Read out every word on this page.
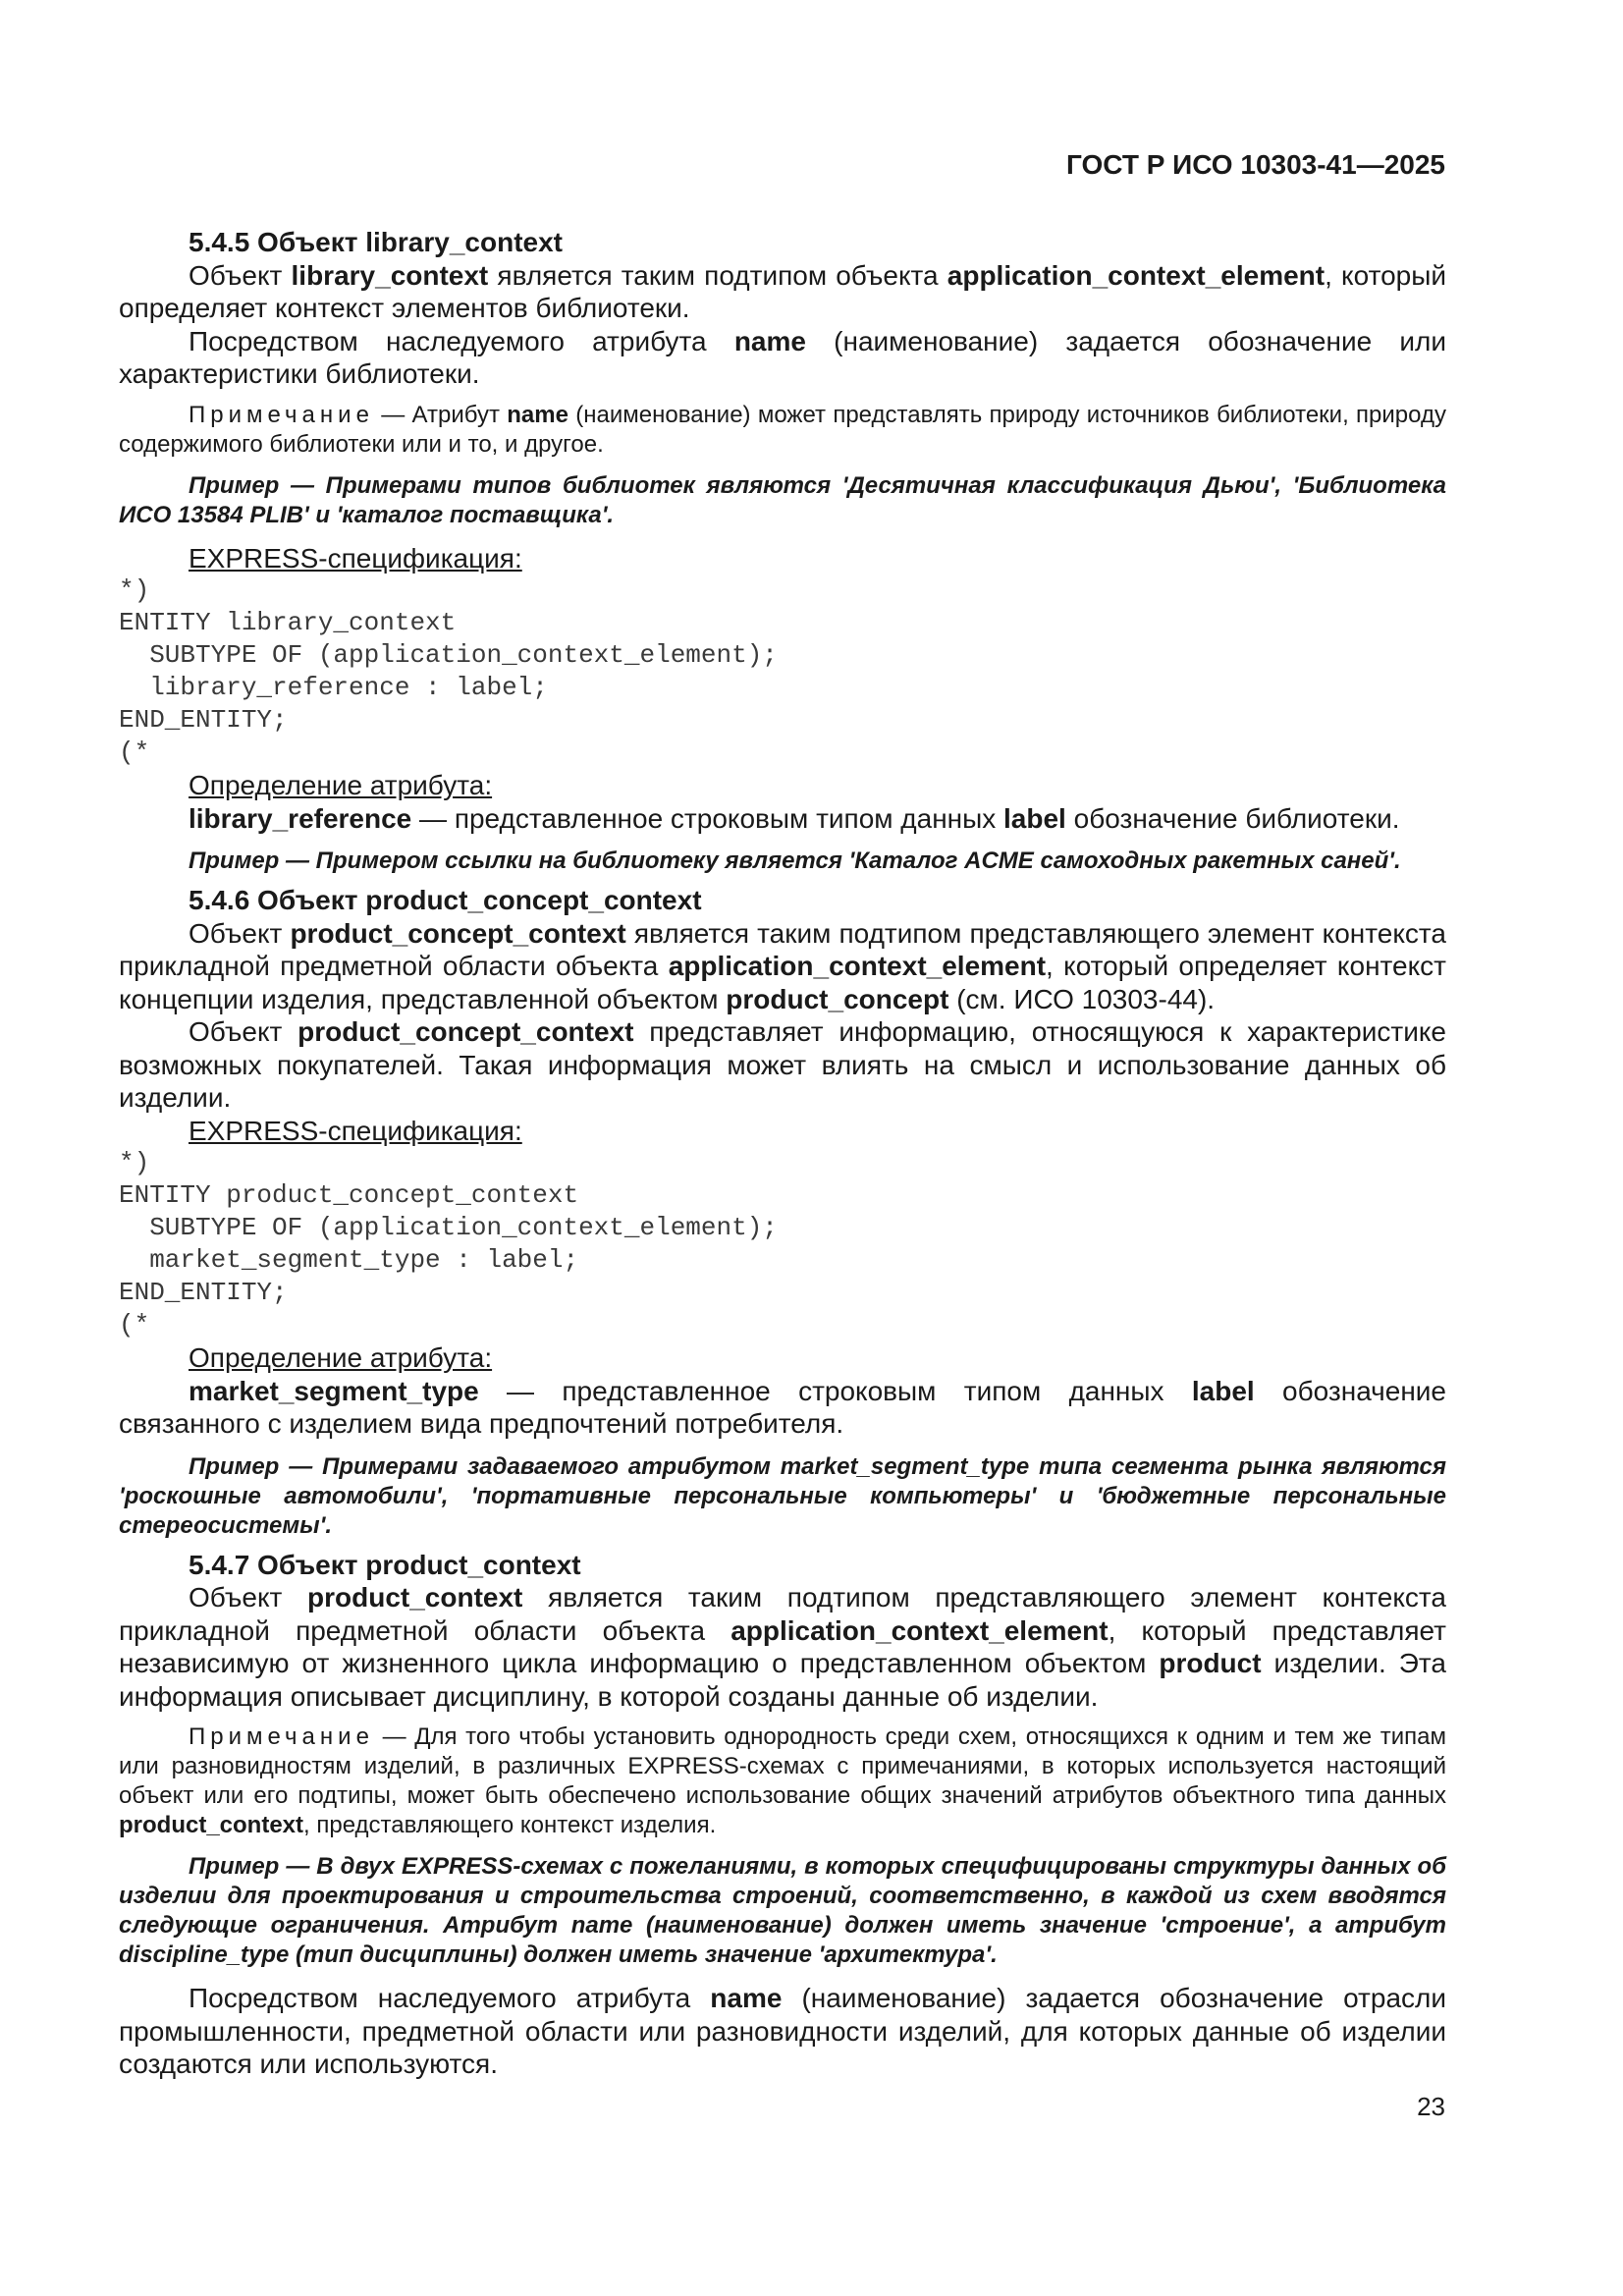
ГОСТ Р ИСО 10303-41—2025

5.4.5 Объект library_context

Объект library_context является таким подтипом объекта application_context_element, который определяет контекст элементов библиотеки.

Посредством наследуемого атрибута name (наименование) задается обозначение или характеристики библиотеки.

Примечание — Атрибут name (наименование) может представлять природу источников библиотеки, природу содержимого библиотеки или и то, и другое.

Пример — Примерами типов библиотек являются 'Десятичная классификация Дьюи', 'Библиотека ИСО 13584 PLIB' и 'каталог поставщика'.

EXPRESS-спецификация:

*)
ENTITY library_context
SUBTYPE OF (application_context_element);
library_reference : label;
END_ENTITY;
(*

Определение атрибута:

library_reference — представленное строковым типом данных label обозначение библиотеки.

Пример — Примером ссылки на библиотеку является 'Каталог ACME самоходных ракетных саней'.

5.4.6 Объект product_concept_context

Объект product_concept_context является таким подтипом представляющего элемент контекста прикладной предметной области объекта application_context_element, который определяет контекст концепции изделия, представленной объектом product_concept (см. ИСО 10303-44).

Объект product_concept_context представляет информацию, относящуюся к характеристике возможных покупателей. Такая информация может влиять на смысл и использование данных об изделии.

EXPRESS-спецификация:

*)
ENTITY product_concept_context
SUBTYPE OF (application_context_element);
market_segment_type : label;
END_ENTITY;
(*

Определение атрибута:

market_segment_type — представленное строковым типом данных label обозначение связанного с изделием вида предпочтений потребителя.

Пример — Примерами задаваемого атрибутом market_segment_type типа сегмента рынка являются 'роскошные автомобили', 'портативные персональные компьютеры' и 'бюджетные персональные стереосистемы'.

5.4.7 Объект product_context

Объект product_context является таким подтипом представляющего элемент контекста прикладной предметной области объекта application_context_element, который представляет независимую от жизненного цикла информацию о представленном объектом product изделии. Эта информация описывает дисциплину, в которой созданы данные об изделии.

Примечание — Для того чтобы установить однородность среди схем, относящихся к одним и тем же типам или разновидностям изделий, в различных EXPRESS-схемах с примечаниями, в которых используется настоящий объект или его подтипы, может быть обеспечено использование общих значений атрибутов объектного типа данных product_context, представляющего контекст изделия.

Пример — В двух EXPRESS-схемах с пожеланиями, в которых специфицированы структуры данных об изделии для проектирования и строительства строений, соответственно, в каждой из схем вводятся следующие ограничения. Атрибут name (наименование) должен иметь значение 'строение', а атрибут discipline_type (тип дисциплины) должен иметь значение 'архитектура'.

Посредством наследуемого атрибута name (наименование) задается обозначение отрасли промышленности, предметной области или разновидности изделий, для которых данные об изделии создаются или используются.

23
